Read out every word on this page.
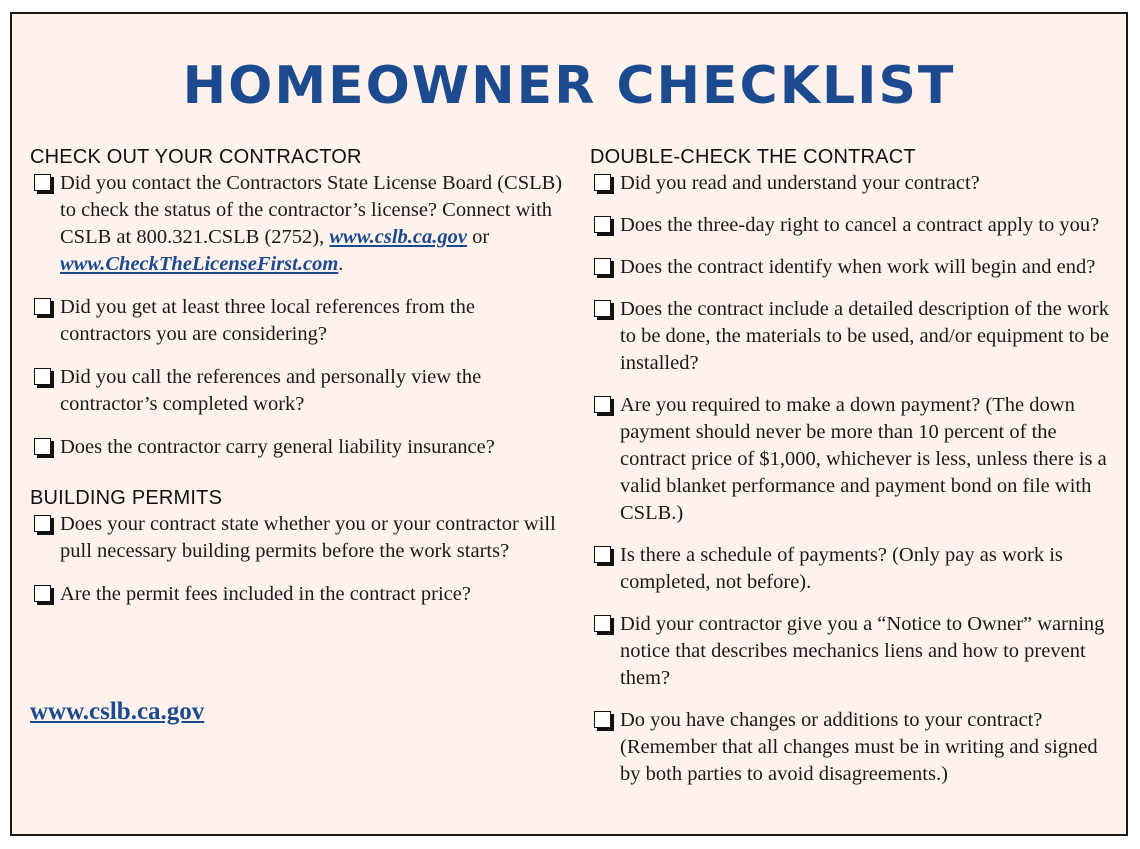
HOMEOWNER CHECKLIST
CHECK OUT YOUR CONTRACTOR
Did you contact the Contractors State License Board (CSLB) to check the status of the contractor’s license? Connect with CSLB at 800.321.CSLB (2752), www.cslb.ca.gov or www.CheckTheLicenseFirst.com.
Did you get at least three local references from the contractors you are considering?
Did you call the references and personally view the contractor’s completed work?
Does the contractor carry general liability insurance?
BUILDING PERMITS
Does your contract state whether you or your contractor will pull necessary building permits before the work starts?
Are the permit fees included in the contract price?
www.cslb.ca.gov
DOUBLE-CHECK THE CONTRACT
Did you read and understand your contract?
Does the three-day right to cancel a contract apply to you?
Does the contract identify when work will begin and end?
Does the contract include a detailed description of the work to be done, the materials to be used, and/or equipment to be installed?
Are you required to make a down payment? (The down payment should never be more than 10 percent of the contract price of $1,000, whichever is less, unless there is a valid blanket performance and payment bond on file with CSLB.)
Is there a schedule of payments? (Only pay as work is completed, not before).
Did your contractor give you a “Notice to Owner” warning notice that describes mechanics liens and how to prevent them?
Do you have changes or additions to your contract? (Remember that all changes must be in writing and signed by both parties to avoid disagreements.)
